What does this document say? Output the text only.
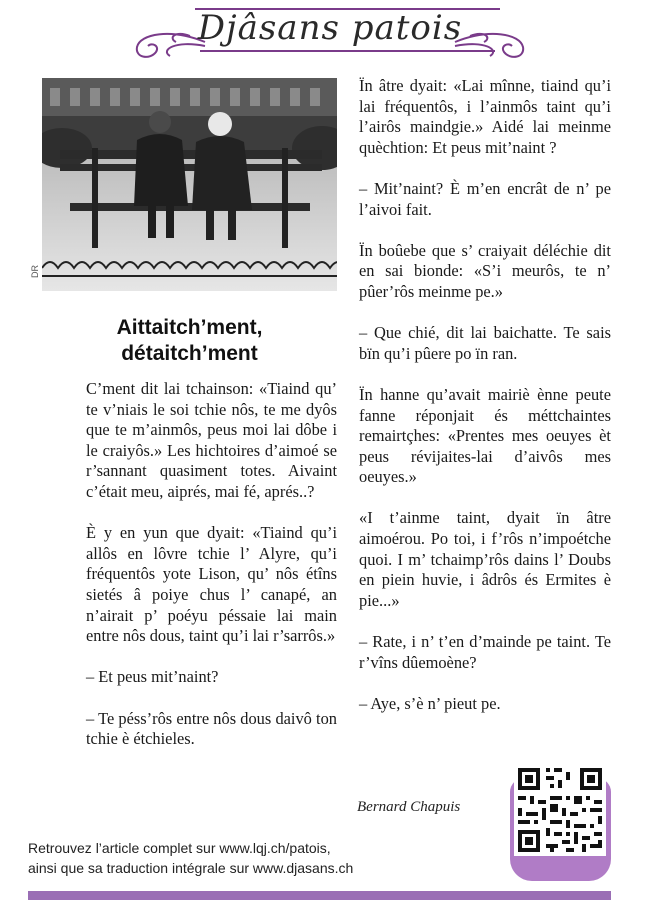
Djâsans patois
DR
Aittaitch’ment,
détaitch’ment

C’ment dit lai tchainson: «Tiaind qu’ te v’niais le soi tchie nôs, te me dyôs que te m’ainmôs, peus moi lai dôbe i le craiyôs.» Les hichtoires d’aimoé se r’sannant quasiment totes. Aivaint c’était meu, aiprés, mai fé, aprés..?

È y en yun que dyait: «Tiaind qu’i allôs en lôvre tchie l’ Alyre, qu’i fréquentôs yote Lison, qu’ nôs étîns sietés â poiye chus l’ canapé, an n’airait p’ poéyu péssaie lai main entre nôs dous, taint qu’i lai r’sarrôs.»

– Et peus mit’naint?

– Te péss’rôs entre nôs dous daivô ton tchie è étchieles.

Ïn âtre dyait: «Lai mînne, tiaind qu’i lai fréquentôs, i l’ainmôs taint qu’i l’airôs maindgie.» Aidé lai meinme quèchtion: Et peus mit’naint ?

– Mit’naint? È m’en encrât de n’ pe l’aivoi fait.

Ïn boûebe que s’ craiyait déléchie dit en sai bionde: «S’i meurôs, te n’ pûer’rôs meinme pe.»

– Que chié, dit lai baichatte. Te sais bïn qu’i pûere po ïn ran.

Ïn hanne qu’avait mairiè ènne peute fanne réponjait és méttchaintes remairtçhes: «Prentes mes oeuyes èt peus révijaites-lai d’aivôs mes oeuyes.»

«I t’ainme taint, dyait ïn âtre aimoérou. Po toi, i f’rôs n’impoétche quoi. I m’ tchaimp’rôs dains l’ Doubs en piein huvie, i âdrôs és Ermites è pie...»

– Rate, i n’ t’en d’mainde pe taint. Te r’vîns dûemoène?

– Aye, s’è n’ pieut pe.

Bernard Chapuis
Retrouvez l’article complet sur www.lqj.ch/patois,
ainsi que sa traduction intégrale sur www.djasans.ch
